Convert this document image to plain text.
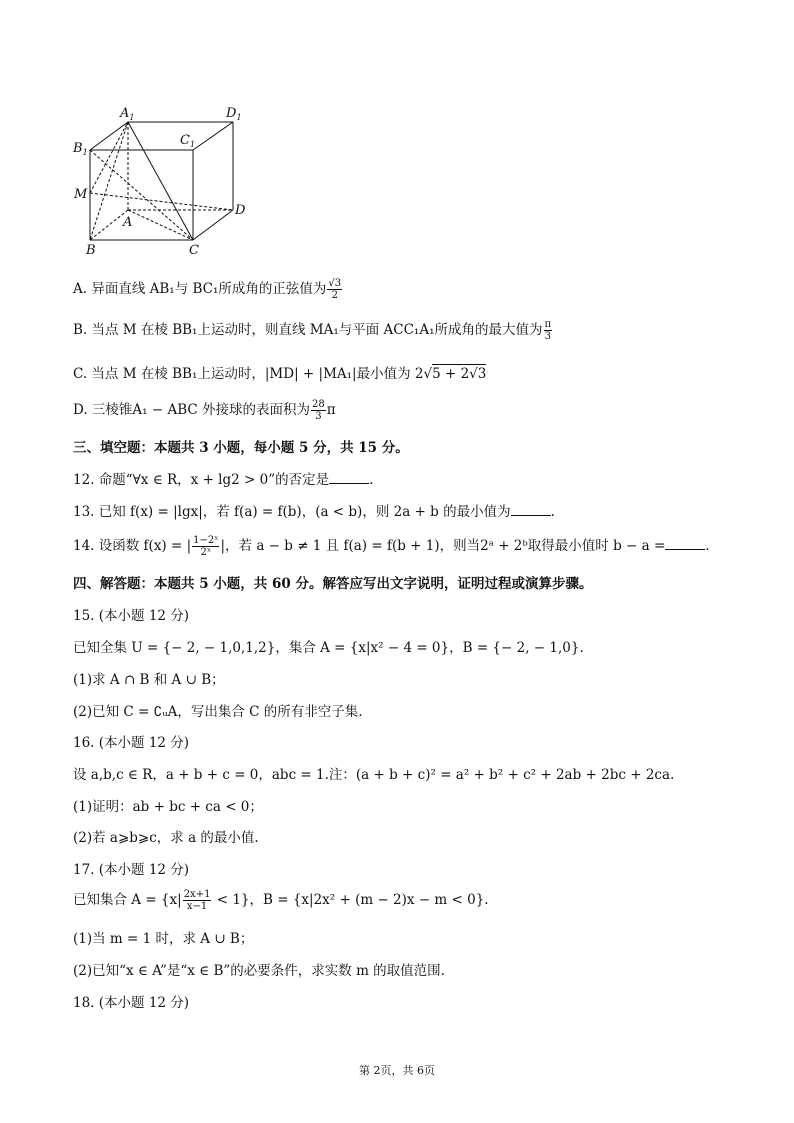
$A_1$	$D_1$
$C_1$
$B_1$
M
A
D
B	C
A. 异面直线 AB₁与 BC₁所成角的正弦值为 $\frac{√3}{2}$
B. 当点 M 在棱 BB₁上运动时，则直线 MA₁与平面 ACC₁A₁所成角的最大值为 $\frac{\pi}{3}$
C. 当点 M 在棱 BB₁上运动时，|MD| + |MA₁|最小值为 2√5 + 2√3
D. 三棱锥A₁ − ABC 外接球的表面积为 $\frac{28}{3}$ π
三、填空题：本题共 3 小题，每小题 5 分，共 15 分。
12. 命题“∀x ∈ R，x + lg2 > 0”的否定是	.
13. 已知 f(x) = |lgx|，若 f(a) = f(b)，(a < b)，则 2a + b 的最小值为	.
14. 设函数 f(x) = | $\frac{\text{1−2ˣ}}{\text{2ˣ}}$ |，若 a − b ≠ 1 且 f(a) = f(b + 1)，则当2ᵃ + 2ᵇ取得最小值时 b − a =	.
四、解答题：本题共 5 小题，共 60 分。解答应写出文字说明，证明过程或演算步骤。
15. (本小题 12 分)
已知全集 U = {− 2, − 1,0,1,2}，集合 A = {x|x² − 4 = 0}，B = {− 2, − 1,0}.
(1)求 A ∩ B 和 A ∪ B；
(2)已知 C = ∁ᵤA，写出集合 C 的所有非空子集.
16. (本小题 12 分)
设 a,b,c ∈ R，a + b + c = 0，abc = 1.注：(a + b + c)² = a² + b² + c² + 2ab + 2bc + 2ca.
(1)证明：ab + bc + ca < 0；
(2)若 a⩾b⩾c，求 a 的最小值.
17. (本小题 12 分)
已知集合 $A = \{x| \frac{2x+1}{x-1} < 1\}$，B = {x|2x² + (m − 2)x − m < 0}.
(1)当 m = 1 时，求 A ∪ B；
(2)已知“x ∈ A”是“x ∈ B”的必要条件，求实数 m 的取值范围.
18. (本小题 12 分)
第 2页，共 6页
